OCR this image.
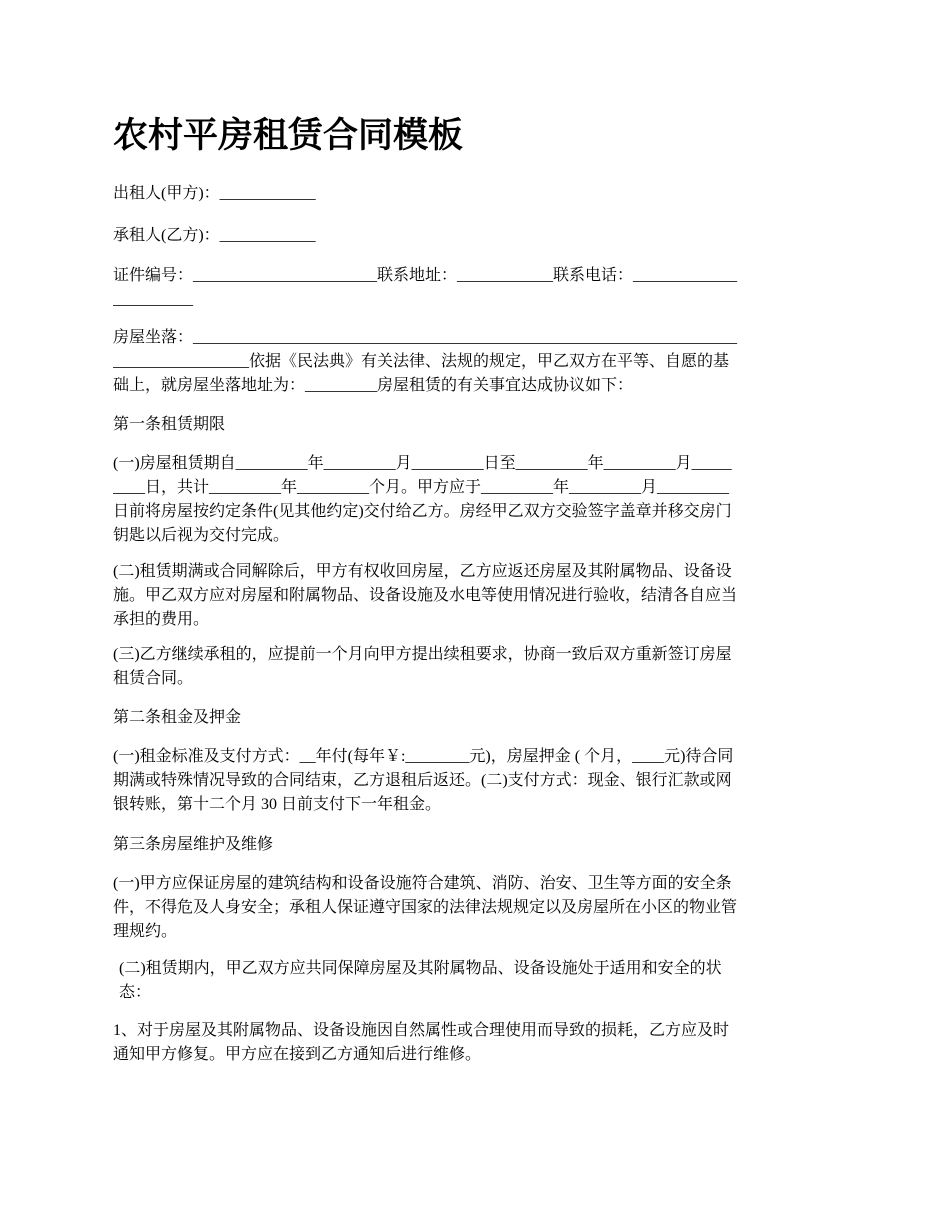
农村平房租赁合同模板
出租人(甲方)：____________
承租人(乙方)：____________
证件编号：_______________________联系地址：____________联系电话：_____________
__________
房屋坐落：____________________________________________________________________
_________________依据《民法典》有关法律、法规的规定，甲乙双方在平等、自愿的基
础上，就房屋坐落地址为：_________房屋租赁的有关事宜达成协议如下：
第一条租赁期限
(一)房屋租赁期自_________年_________月_________日至_________年_________月_____
____日，共计_________年_________个月。甲方应于_________年_________月_________
日前将房屋按约定条件(见其他约定)交付给乙方。房经甲乙双方交验签字盖章并移交房门
钥匙以后视为交付完成。
(二)租赁期满或合同解除后，甲方有权收回房屋，乙方应返还房屋及其附属物品、设备设
施。甲乙双方应对房屋和附属物品、设备设施及水电等使用情况进行验收，结清各自应当
承担的费用。
(三)乙方继续承租的，应提前一个月向甲方提出续租要求，协商一致后双方重新签订房屋
租赁合同。
第二条租金及押金
(一)租金标准及支付方式：__年付(每年￥:________元)，房屋押金 ( 个月，____元)待合同
期满或特殊情况导致的合同结束，乙方退租后返还。(二)支付方式：现金、银行汇款或网
银转账，第十二个月 30 日前支付下一年租金。
第三条房屋维护及维修
(一)甲方应保证房屋的建筑结构和设备设施符合建筑、消防、治安、卫生等方面的安全条
件，不得危及人身安全；承租人保证遵守国家的法律法规规定以及房屋所在小区的物业管
理规约。
(二)租赁期内，甲乙双方应共同保障房屋及其附属物品、设备设施处于适用和安全的状
态：
1、对于房屋及其附属物品、设备设施因自然属性或合理使用而导致的损耗，乙方应及时
通知甲方修复。甲方应在接到乙方通知后进行维修。
